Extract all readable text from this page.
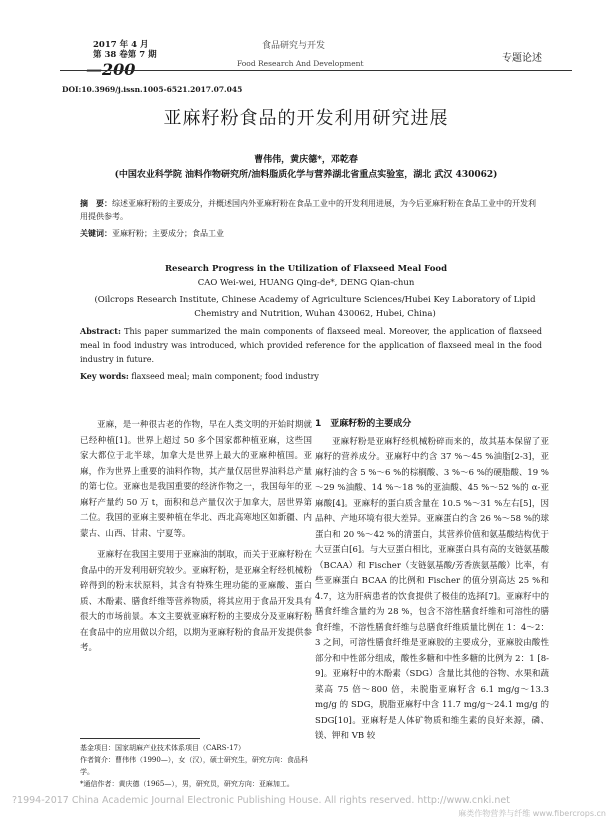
2017 年 4 月
第 38 卷第 7 期
—200
食品研究与开发
Food Research And Development	专题论述
DOI:10.3969/j.issn.1005-6521.2017.07.045
亚麻籽粉食品的开发利用研究进展
曹伟伟，黄庆德*，邓乾春
(中国农业科学院 油料作物研究所/油料脂质化学与营养湖北省重点实验室，湖北 武汉 430062)
摘　要：综述亚麻籽粉的主要成分，并概述国内外亚麻籽粉在食品工业中的开发利用进展，为今后亚麻籽粉在食品工业中的开发利用提供参考。
关键词：亚麻籽粉；主要成分；食品工业
Research Progress in the Utilization of Flaxseed Meal Food
CAO Wei-wei, HUANG Qing-de*, DENG Qian-chun
(Oilcrops Research Institute, Chinese Academy of Agriculture Sciences/Hubei Key Laboratory of Lipid Chemistry and Nutrition, Wuhan 430062, Hubei, China)
Abstract: This paper summarized the main components of flaxseed meal. Moreover, the application of flaxseed meal in food industry was introduced, which provided reference for the application of flaxseed meal in the food industry in future.
Key words: flaxseed meal; main component; food industry

亚麻，是一种很古老的作物，早在人类文明的开始时期就已经种植[1]。世界上超过 50 多个国家都种植亚麻，这些国家大都位于北半球，加拿大是世界上最大的亚麻种植国。亚麻，作为世界上重要的油料作物，其产量仅居世界油料总产量的第七位。亚麻也是我国重要的经济作物之一，我国每年的亚麻籽产量约 50 万 t，面积和总产量仅次于加拿大，居世界第二位。我国的亚麻主要种植在华北、西北高寒地区如新疆、内蒙古、山西、甘肃、宁夏等。

亚麻籽在我国主要用于亚麻油的制取，而关于亚麻籽粉在食品中的开发利用研究较少。亚麻籽粉，是亚麻全籽经机械粉碎得到的粉末状原料，其含有特殊生理功能的亚麻酸、蛋白质、木酚素、膳食纤维等营养物质，将其应用于食品开发具有很大的市场前景。本文主要就亚麻籽粉的主要成分及亚麻籽粉在食品中的应用做以介绍，以期为亚麻籽粉的食品开发提供参考。

1　亚麻籽粉的主要成分

亚麻籽粉是亚麻籽经机械粉碎而来的，故其基本保留了亚麻籽的营养成分。亚麻籽中约含 37 %～45 %油脂[2-3]，亚麻籽油约含 5 %～6 %的棕榈酸、3 %～6 %的硬脂酸、19 %～29 %油酸、14 %～18 %的亚油酸、45 %～52 %的 α-亚麻酸[4]。亚麻籽的蛋白质含量在 10.5 %～31 %左右[5]，因品种、产地环境有很大差异。亚麻蛋白约含 26 %～58 %的球蛋白和 20 %～42 %的清蛋白，其营养价值和氨基酸结构优于大豆蛋白[6]。与大豆蛋白相比，亚麻蛋白具有高的支链氨基酸（BCAA）和 Fischer（支链氨基酸/芳香族氨基酸）比率，有些亚麻蛋白 BCAA 的比例和 Fischer 的值分别高达 25 %和 4.7，这为肝病患者的饮食提供了极佳的选择[7]。亚麻籽中的膳食纤维含量约为 28 %，包含不溶性膳食纤维和可溶性的膳食纤维，不溶性膳食纤维与总膳食纤维质量比例在 1：4～2：3 之间，可溶性膳食纤维是亚麻胶的主要成分，亚麻胶由酸性部分和中性部分组成，酸性多糖和中性多糖的比例为 2：1 [8-9]。亚麻籽中的木酚素（SDG）含量比其他的谷物、水果和蔬菜高 75 倍～800 倍，未脱脂亚麻籽含 6.1 mg/g～13.3 mg/g 的 SDG，脱脂亚麻籽中含 11.7 mg/g～24.1 mg/g 的 SDG[10]。亚麻籽是人体矿物质和维生素的良好来源，磷、镁、钾和 VB 较

基金项目：国家胡麻产业技术体系项目（CARS-17）
作者简介：曹伟伟（1990—），女（汉），硕士研究生，研究方向：食品科学。
*通信作者：黄庆德（1965—），男，研究员，研究方向：亚麻加工。
?1994-2017 China Academic Journal Electronic Publishing House. All rights reserved. http://www.cnki.net
麻类作物营养与纤维 www.fibercrops.cn
